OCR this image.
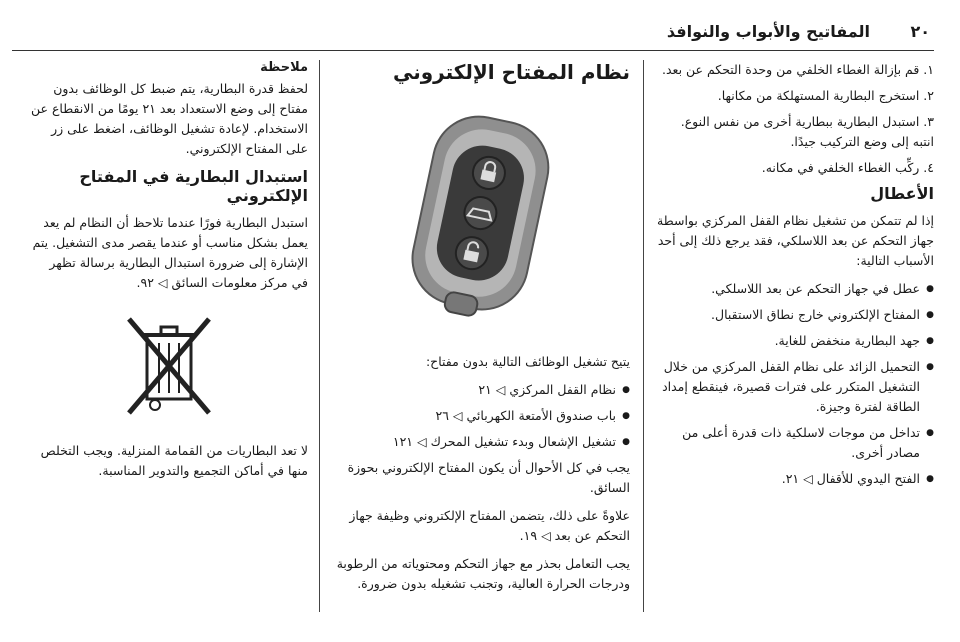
٢٠
المفاتيح والأبواب والنوافذ
١. قم بإزالة الغطاء الخلفي من وحدة التحكم عن بعد.
٢. استخرج البطارية المستهلكة من مكانها.
٣. استبدل البطارية ببطارية أخرى من نفس النوع. انتبه إلى وضع التركيب جيدًا.
٤. ركِّب الغطاء الخلفي في مكانه.
الأعطال

إذا لم تتمكن من تشغيل نظام القفل المركزي بواسطة جهاز التحكم عن بعد اللاسلكي، فقد يرجع ذلك إلى أحد الأسباب التالية:

● عطل في جهاز التحكم عن بعد اللاسلكي.
● المفتاح الإلكتروني خارج نطاق الاستقبال.
● جهد البطارية منخفض للغاية.
● التحميل الزائد على نظام القفل المركزي من خلال التشغيل المتكرر على فترات قصيرة، فينقطع إمداد الطاقة لفترة وجيزة.
● تداخل من موجات لاسلكية ذات قدرة أعلى من مصادر أخرى.
● الفتح اليدوي للأقفال ◁ ٢١.
نظام المفتاح الإلكتروني

يتيح تشغيل الوظائف التالية بدون مفتاح:

● نظام القفل المركزي ◁ ٢١
● باب صندوق الأمتعة الكهربائي ◁ ٢٦
● تشغيل الإشعال وبدء تشغيل المحرك ◁ ١٢١

يجب في كل الأحوال أن يكون المفتاح الإلكتروني بحوزة السائق.

علاوةً على ذلك، يتضمن المفتاح الإلكتروني وظيفة جهاز التحكم عن بعد ◁ ١٩.

يجب التعامل بحذر مع جهاز التحكم ومحتوياته من الرطوبة ودرجات الحرارة العالية، وتجنب تشغيله بدون ضرورة.

ملاحظة

لحفظ قدرة البطارية، يتم ضبط كل الوظائف بدون مفتاح إلى وضع الاستعداد بعد ٢١ يومًا من الانقطاع عن الاستخدام. لإعادة تشغيل الوظائف، اضغط على زر على المفتاح الإلكتروني.

استبدال البطارية في المفتاح الإلكتروني

استبدل البطارية فورًا عندما تلاحظ أن النظام لم يعد يعمل بشكل مناسب أو عندما يقصر مدى التشغيل. يتم الإشارة إلى ضرورة استبدال البطارية برسالة تظهر في مركز معلومات السائق ◁ ٩٢.

لا تعد البطاريات من القمامة المنزلية. ويجب التخلص منها في أماكن التجميع والتدوير المناسبة.
